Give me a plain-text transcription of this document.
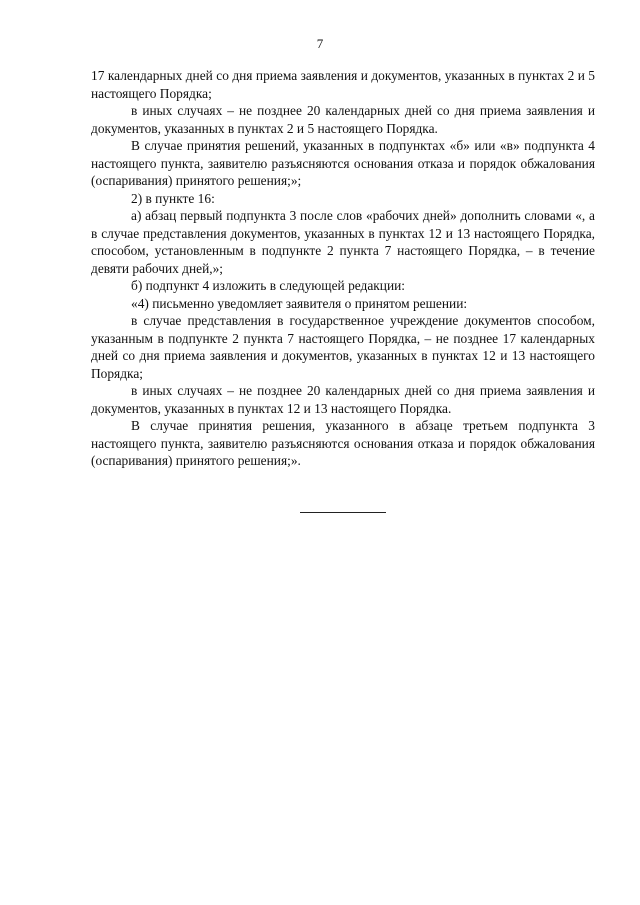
7

17 календарных дней со дня приема заявления и документов, указанных в пунктах 2 и 5 настоящего Порядка;

в иных случаях – не позднее 20 календарных дней со дня приема заявления и документов, указанных в пунктах 2 и 5 настоящего Порядка.

В случае принятия решений, указанных в подпунктах «б» или «в» подпункта 4 настоящего пункта, заявителю разъясняются основания отказа и порядок обжалования (оспаривания) принятого решения;»;

2) в пункте 16:

а) абзац первый подпункта 3 после слов «рабочих дней» дополнить словами «, а в случае представления документов, указанных в пунктах 12 и 13 настоящего Порядка, способом, установленным в подпункте 2 пункта 7 настоящего Порядка, – в течение девяти рабочих дней,»;

б) подпункт 4 изложить в следующей редакции:

«4) письменно уведомляет заявителя о принятом решении:

в случае представления в государственное учреждение документов способом, указанным в подпункте 2 пункта 7 настоящего Порядка, – не позднее 17 календарных дней со дня приема заявления и документов, указанных в пунктах 12 и 13 настоящего Порядка;

в иных случаях – не позднее 20 календарных дней со дня приема заявления и документов, указанных в пунктах 12 и 13 настоящего Порядка.

В случае принятия решения, указанного в абзаце третьем подпункта 3 настоящего пункта, заявителю разъясняются основания отказа и порядок обжалования (оспаривания) принятого решения;».
